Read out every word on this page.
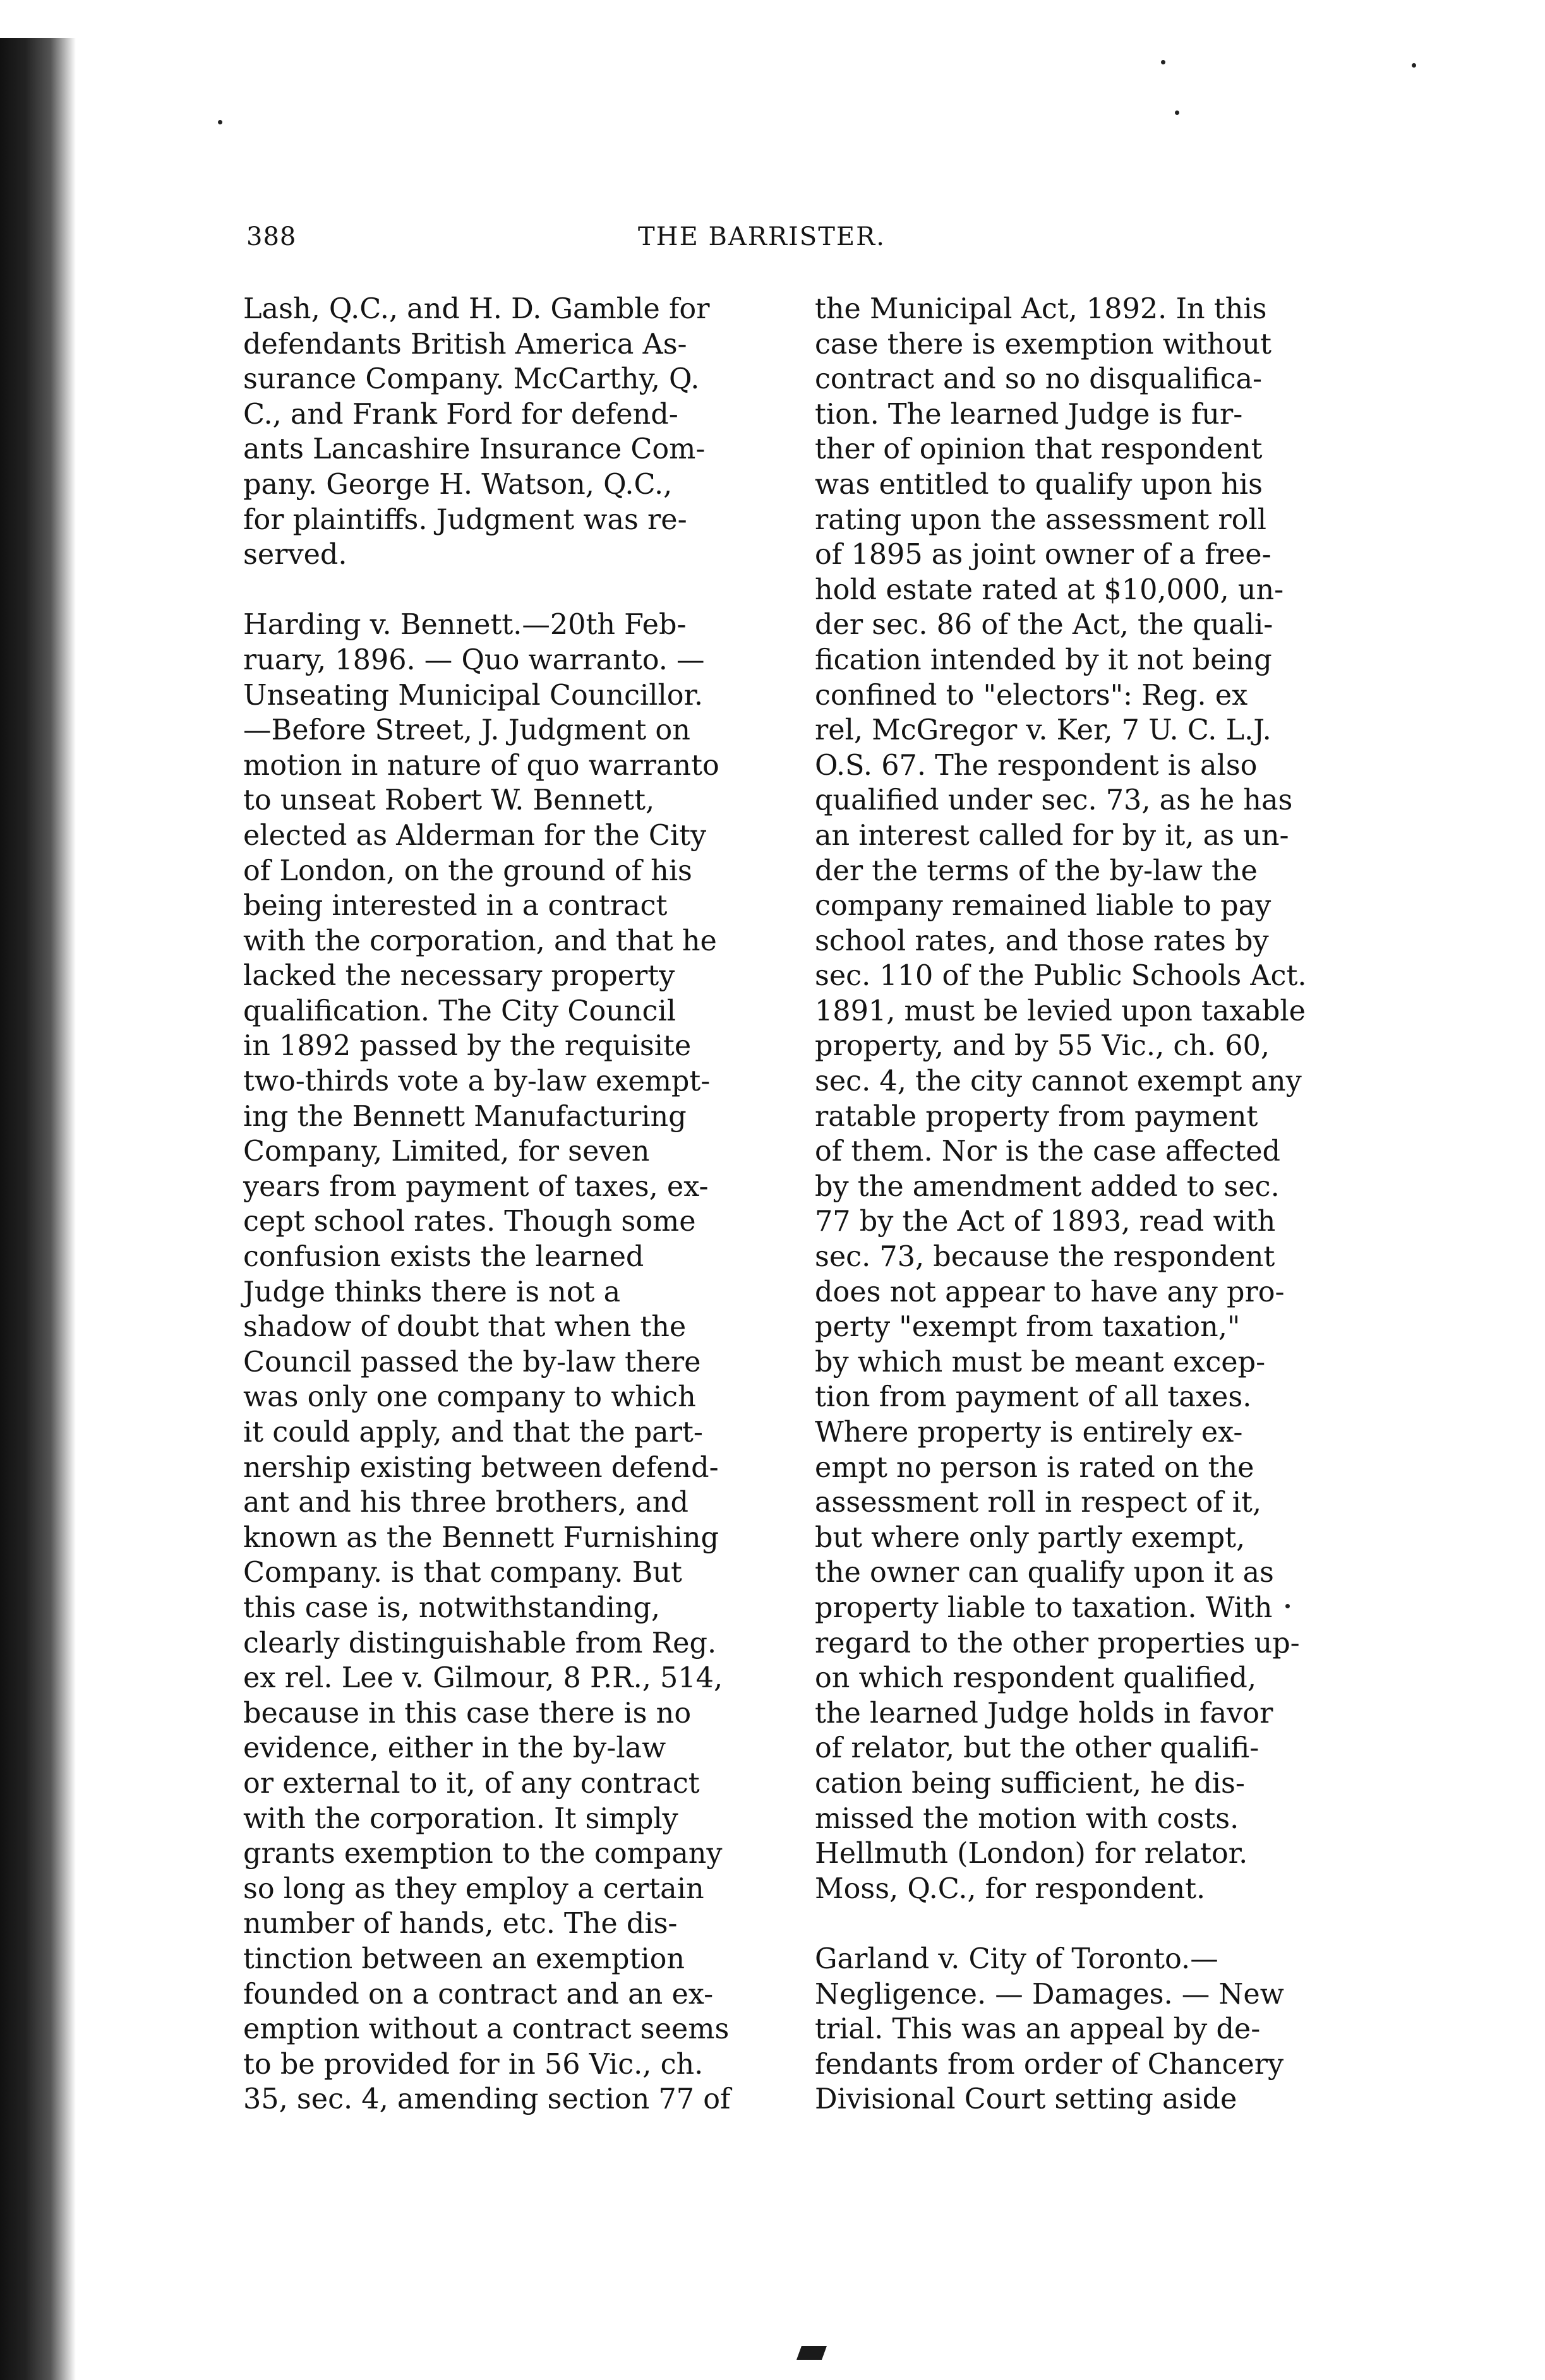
388	THE BARRISTER.
Lash, Q.C., and H. D. Gamble for
defendants British America As-
surance Company. McCarthy, Q.
C., and Frank Ford for defend-
ants Lancashire Insurance Com-
pany. George H. Watson, Q.C.,
for plaintiffs. Judgment was re-
served.
Harding v. Bennett.—20th Feb-
ruary, 1896. — Quo warranto. —
Unseating Municipal Councillor.
—Before Street, J. Judgment on
motion in nature of quo warranto
to unseat Robert W. Bennett,
elected as Alderman for the City
of London, on the ground of his
being interested in a contract
with the corporation, and that he
lacked the necessary property
qualification. The City Council
in 1892 passed by the requisite
two-thirds vote a by-law exempt-
ing the Bennett Manufacturing
Company, Limited, for seven
years from payment of taxes, ex-
cept school rates. Though some
confusion exists the learned
Judge thinks there is not a
shadow of doubt that when the
Council passed the by-law there
was only one company to which
it could apply, and that the part-
nership existing between defend-
ant and his three brothers, and
known as the Bennett Furnishing
Company. is that company. But
this case is, notwithstanding,
clearly distinguishable from Reg.
ex rel. Lee v. Gilmour, 8 P.R., 514,
because in this case there is no
evidence, either in the by-law
or external to it, of any contract
with the corporation. It simply
grants exemption to the company
so long as they employ a certain
number of hands, etc. The dis-
tinction between an exemption
founded on a contract and an ex-
emption without a contract seems
to be provided for in 56 Vic., ch.
35, sec. 4, amending section 77 of
the Municipal Act, 1892. In this
case there is exemption without
contract and so no disqualifica-
tion. The learned Judge is fur-
ther of opinion that respondent
was entitled to qualify upon his
rating upon the assessment roll
of 1895 as joint owner of a free-
hold estate rated at $10,000, un-
der sec. 86 of the Act, the quali-
fication intended by it not being
confined to "electors": Reg. ex
rel, McGregor v. Ker, 7 U. C. L.J.
O.S. 67. The respondent is also
qualified under sec. 73, as he has
an interest called for by it, as un-
der the terms of the by-law the
company remained liable to pay
school rates, and those rates by
sec. 110 of the Public Schools Act.
1891, must be levied upon taxable
property, and by 55 Vic., ch. 60,
sec. 4, the city cannot exempt any
ratable property from payment
of them. Nor is the case affected
by the amendment added to sec.
77 by the Act of 1893, read with
sec. 73, because the respondent
does not appear to have any pro-
perty "exempt from taxation,"
by which must be meant excep-
tion from payment of all taxes.
Where property is entirely ex-
empt no person is rated on the
assessment roll in respect of it,
but where only partly exempt,
the owner can qualify upon it as
property liable to taxation. With
regard to the other properties up-
on which respondent qualified,
the learned Judge holds in favor
of relator, but the other qualifi-
cation being sufficient, he dis-
missed the motion with costs.
Hellmuth (London) for relator.
Moss, Q.C., for respondent.
Garland v. City of Toronto.—
Negligence. — Damages. — New
trial. This was an appeal by de-
fendants from order of Chancery
Divisional Court setting aside
